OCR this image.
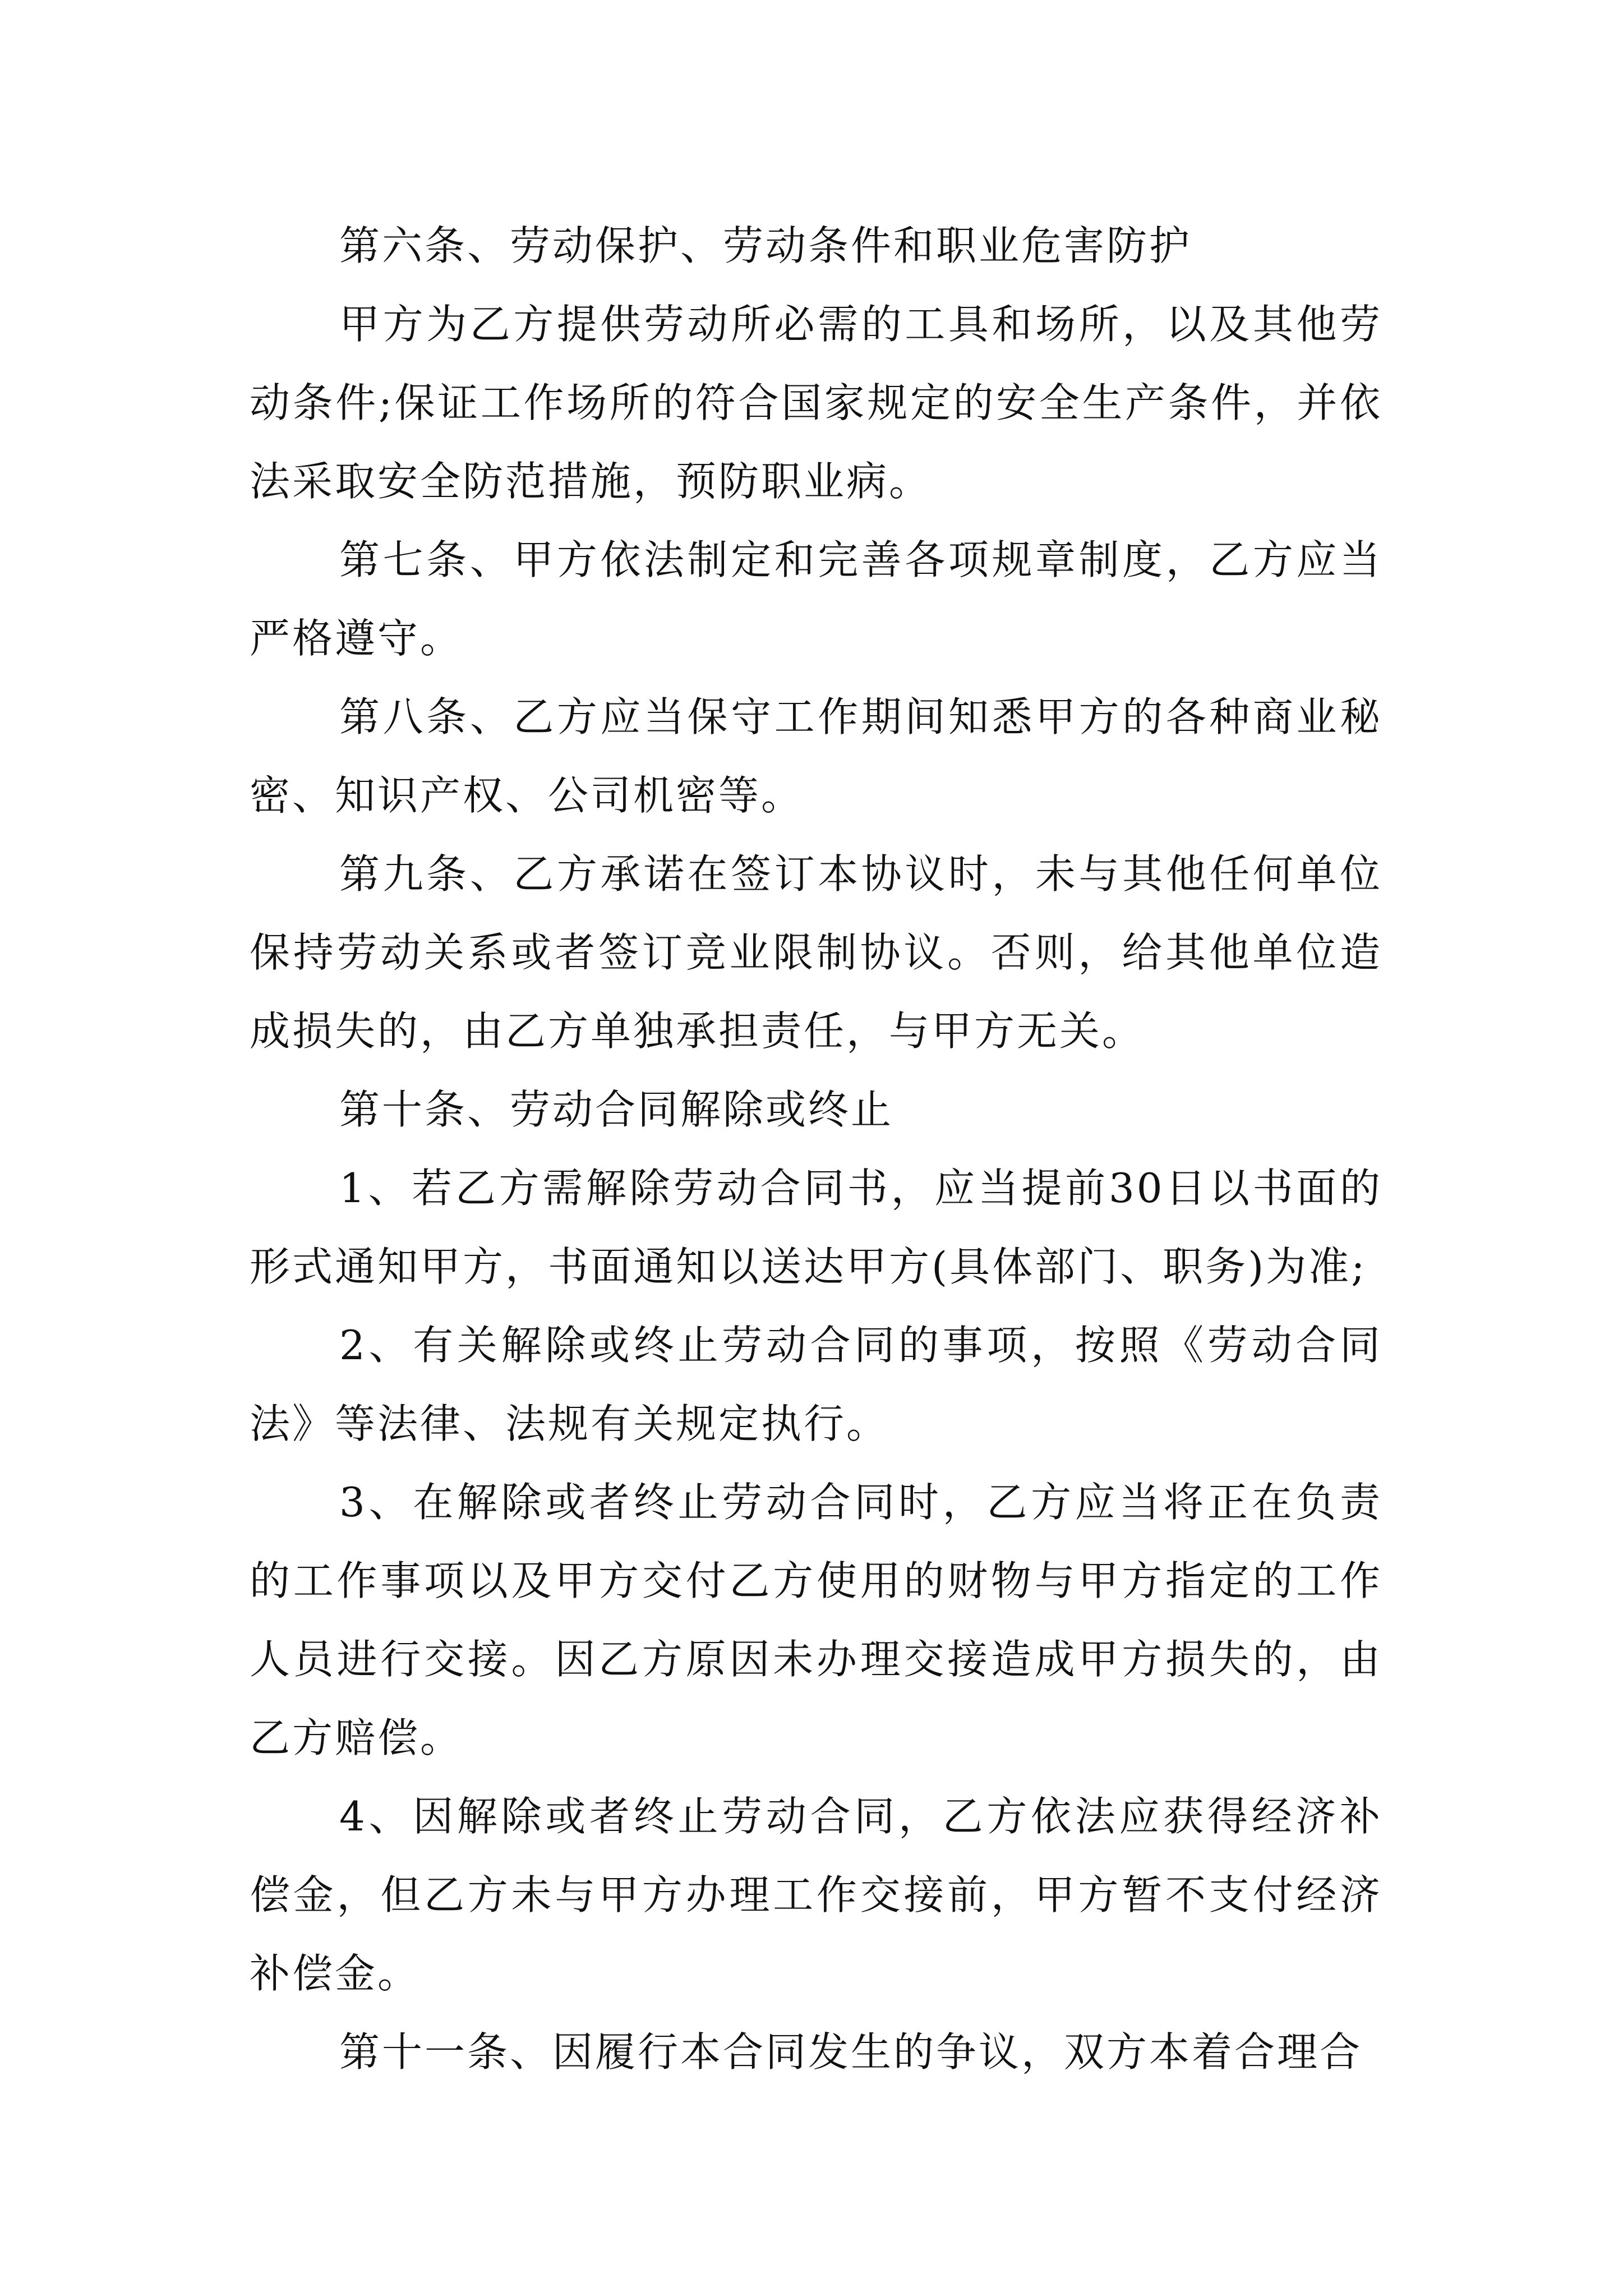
第六条、劳动保护、劳动条件和职业危害防护

甲方为乙方提供劳动所必需的工具和场所，以及其他劳动条件;保证工作场所的符合国家规定的安全生产条件，并依法采取安全防范措施，预防职业病。

第七条、甲方依法制定和完善各项规章制度，乙方应当严格遵守。

第八条、乙方应当保守工作期间知悉甲方的各种商业秘密、知识产权、公司机密等。

第九条、乙方承诺在签订本协议时，未与其他任何单位保持劳动关系或者签订竞业限制协议。否则，给其他单位造成损失的，由乙方单独承担责任，与甲方无关。

第十条、劳动合同解除或终止

1、若乙方需解除劳动合同书，应当提前30日以书面的形式通知甲方，书面通知以送达甲方(具体部门、职务)为准;

2、有关解除或终止劳动合同的事项，按照《劳动合同法》等法律、法规有关规定执行。

3、在解除或者终止劳动合同时，乙方应当将正在负责的工作事项以及甲方交付乙方使用的财物与甲方指定的工作人员进行交接。因乙方原因未办理交接造成甲方损失的，由乙方赔偿。

4、因解除或者终止劳动合同，乙方依法应获得经济补偿金，但乙方未与甲方办理工作交接前，甲方暂不支付经济补偿金。

第十一条、因履行本合同发生的争议，双方本着合理合
